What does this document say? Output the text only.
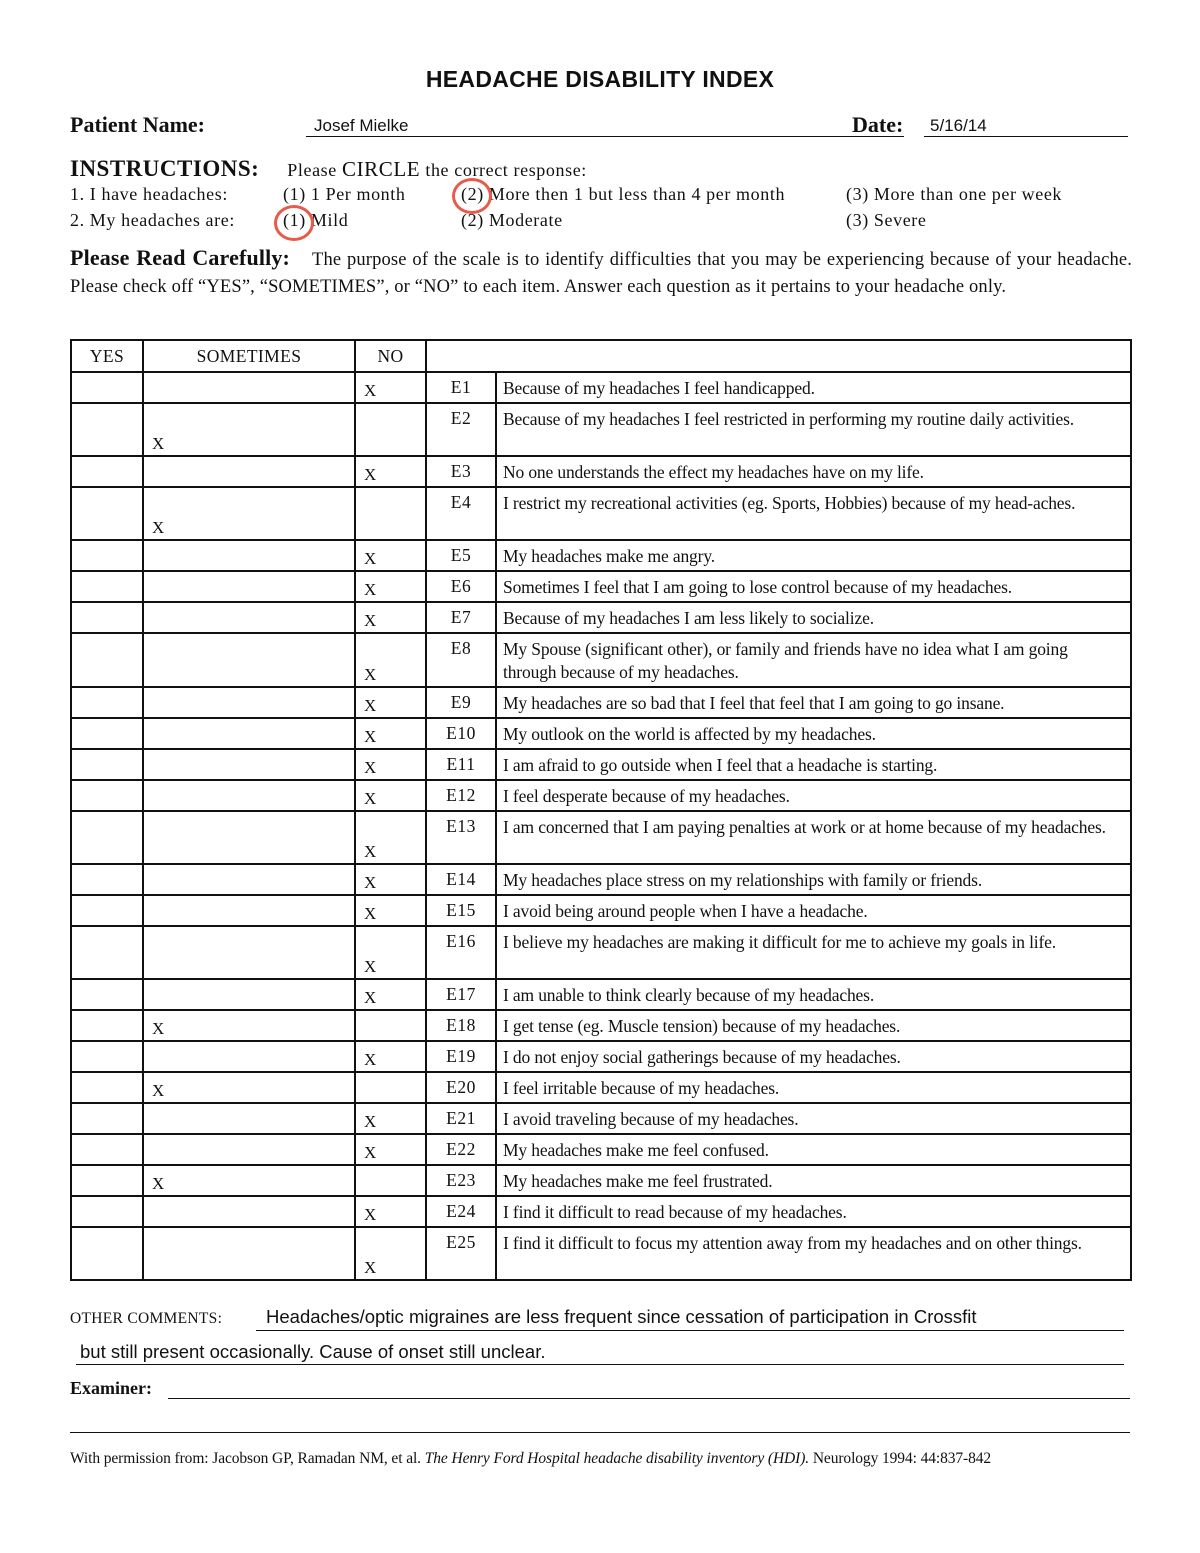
HEADACHE DISABILITY INDEX
Patient Name:	Josef Mielke	Date: 5/16/14
INSTRUCTIONS: Please CIRCLE the correct response:
1. I have headaches:	(1) 1 Per month	(2) More then 1 but less than 4 per month	(3) More than one per week
2. My headaches are:	(1) Mild	(2) Moderate	(3) Severe
Please Read Carefully: The purpose of the scale is to identify difficulties that you may be experiencing because of your headache. Please check off “YES”, “SOMETIMES”, or “NO” to each item. Answer each question as it pertains to your headache only.
YES	SOMETIMES	NO		

		X	E1	Because of my headaches I feel handicapped.

	X		E2	Because of my headaches I feel restricted in performing my routine daily activities.

		X	E3	No one understands the effect my headaches have on my life.

	X		E4	I restrict my recreational activities (eg. Sports, Hobbies) because of my head-aches.

		X	E5	My headaches make me angry.

		X	E6	Sometimes I feel that I am going to lose control because of my headaches.

		X	E7	Because of my headaches I am less likely to socialize.

		X	E8	My Spouse (significant other), or family and friends have no idea what I am going through because of my headaches.

		X	E9	My headaches are so bad that I feel that feel that I am going to go insane.

		X	E10	My outlook on the world is affected by my headaches.

		X	E11	I am afraid to go outside when I feel that a headache is starting.

		X	E12	I feel desperate because of my headaches.

		X	E13	I am concerned that I am paying penalties at work or at home because of my headaches.

		X	E14	My headaches place stress on my relationships with family or friends.

		X	E15	I avoid being around people when I have a headache.

		X	E16	I believe my headaches are making it difficult for me to achieve my goals in life.

		X	E17	I am unable to think clearly because of my headaches.

	X		E18	I get tense (eg. Muscle tension) because of my headaches.

		X	E19	I do not enjoy social gatherings because of my headaches.

	X		E20	I feel irritable because of my headaches.

		X	E21	I avoid traveling because of my headaches.

		X	E22	My headaches make me feel confused.

	X		E23	My headaches make me feel frustrated.

		X	E24	I find it difficult to read because of my headaches.

		X	E25	I find it difficult to focus my attention away from my headaches and on other things.
OTHER COMMENTS: Headaches/optic migraines are less frequent since cessation of participation in Crossfit
but still present occasionally. Cause of onset still unclear.
Examiner:
With permission from: Jacobson GP, Ramadan NM, et al. The Henry Ford Hospital headache disability inventory (HDI). Neurology 1994: 44:837-842
